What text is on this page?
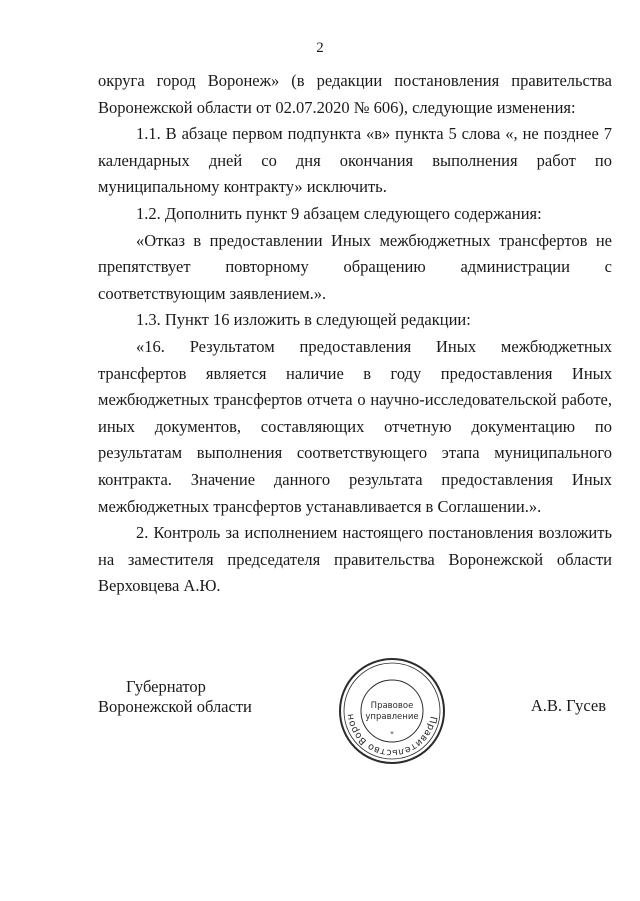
2

округа город Воронеж» (в редакции постановления правительства Воронежской области от 02.07.2020 № 606), следующие изменения:

1.1. В абзаце первом подпункта «в» пункта 5 слова «, не позднее 7 календарных дней со дня окончания выполнения работ по муниципальному контракту» исключить.

1.2. Дополнить пункт 9 абзацем следующего содержания:

«Отказ в предоставлении Иных межбюджетных трансфертов не препятствует повторному обращению администрации с соответствующим заявлением.».

1.3. Пункт 16 изложить в следующей редакции:

«16. Результатом предоставления Иных межбюджетных трансфертов является наличие в году предоставления Иных межбюджетных трансфертов отчета о научно-исследовательской работе, иных документов, составляющих отчетную документацию по результатам выполнения соответствующего этапа муниципального контракта. Значение данного результата предоставления Иных межбюджетных трансфертов устанавливается в Соглашении.».

2. Контроль за исполнением настоящего постановления возложить на заместителя председателя правительства Воронежской области Верховцева А.Ю.

Губернатор
Воронежской области	А.В. Гусев
Правительство Ворон
Правовое
управление
*
